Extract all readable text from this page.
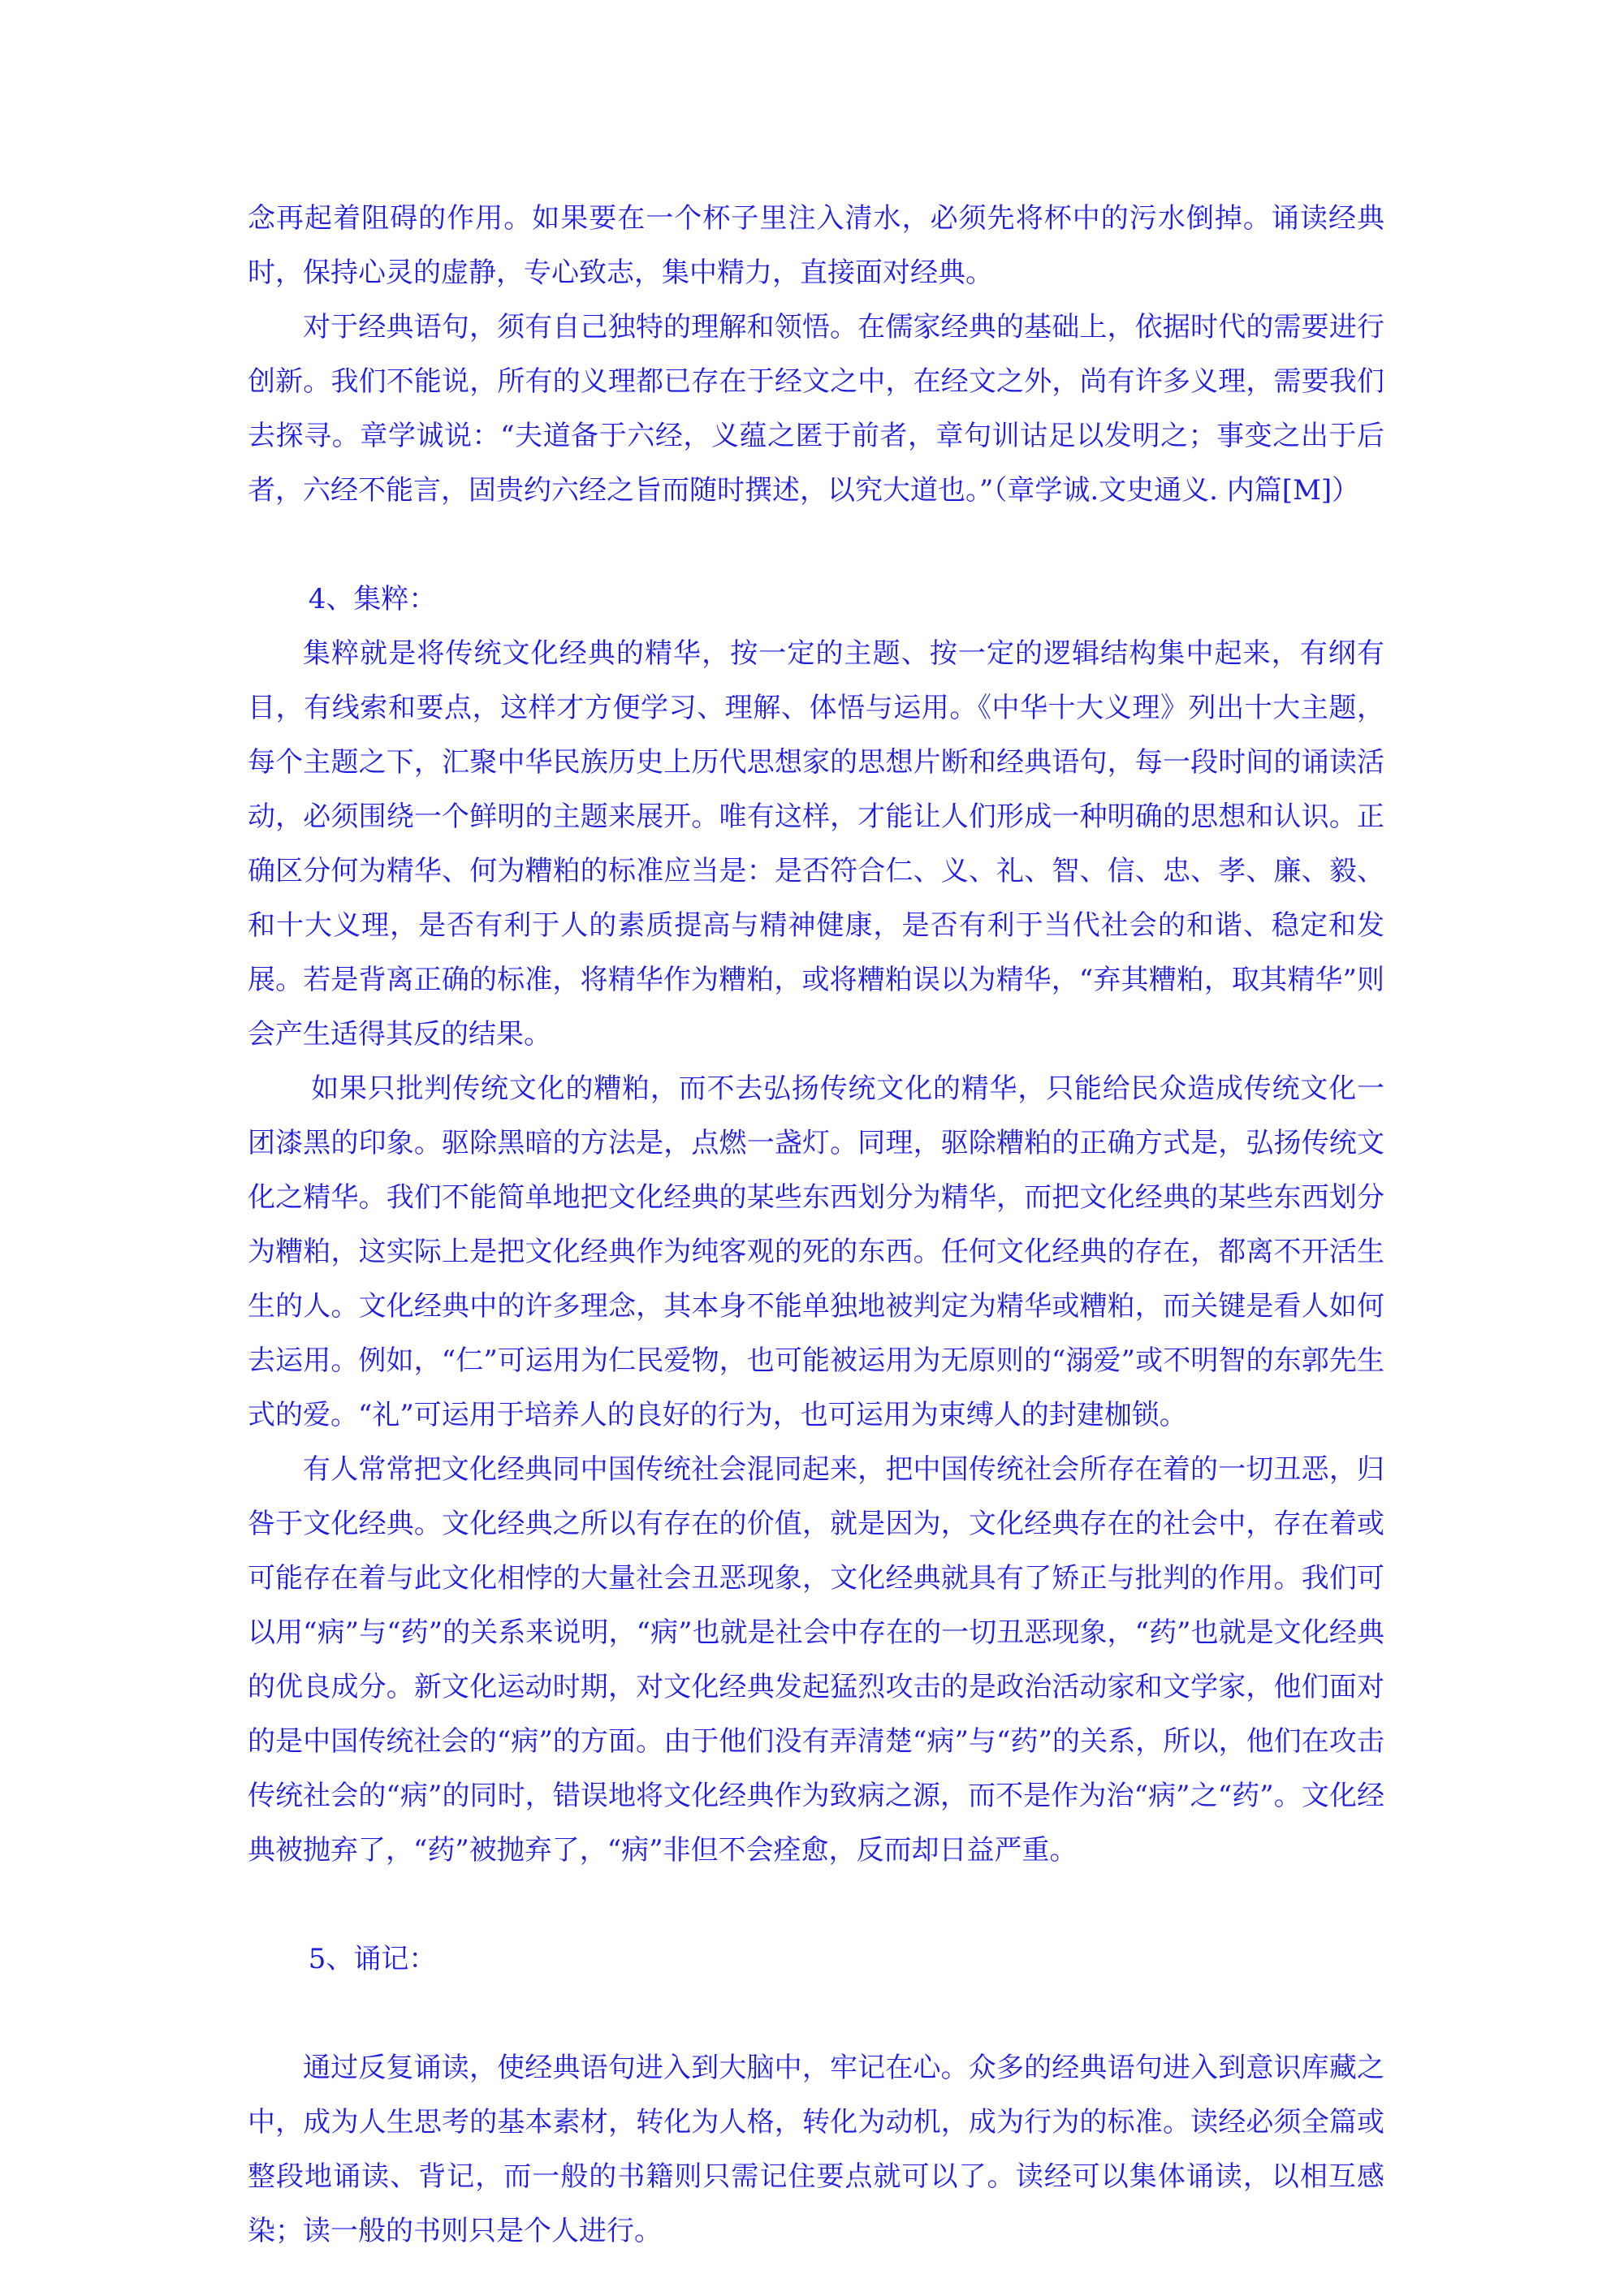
念再起着阻碍的作用。如果要在一个杯子里注入清水，必须先将杯中的污水倒掉。诵读经典时，保持心灵的虚静，专心致志，集中精力，直接面对经典。

对于经典语句，须有自己独特的理解和领悟。在儒家经典的基础上，依据时代的需要进行创新。我们不能说，所有的义理都已存在于经文之中，在经文之外，尚有许多义理，需要我们去探寻。章学诚说：“夫道备于六经，义蕴之匿于前者，章句训诂足以发明之；事变之出于后者，六经不能言，固贵约六经之旨而随时撰述，以究大道也。”（章学诚.文史通义. 内篇[M]）

4、集粹：

集粹就是将传统文化经典的精华，按一定的主题、按一定的逻辑结构集中起来，有纲有目，有线索和要点，这样才方便学习、理解、体悟与运用。《中华十大义理》列出十大主题，每个主题之下，汇聚中华民族历史上历代思想家的思想片断和经典语句，每一段时间的诵读活动，必须围绕一个鲜明的主题来展开。唯有这样，才能让人们形成一种明确的思想和认识。正确区分何为精华、何为糟粕的标准应当是：是否符合仁、义、礼、智、信、忠、孝、廉、毅、和十大义理，是否有利于人的素质提高与精神健康，是否有利于当代社会的和谐、稳定和发展。若是背离正确的标准，将精华作为糟粕，或将糟粕误以为精华，“弃其糟粕，取其精华”则会产生适得其反的结果。

如果只批判传统文化的糟粕，而不去弘扬传统文化的精华，只能给民众造成传统文化一团漆黑的印象。驱除黑暗的方法是，点燃一盏灯。同理，驱除糟粕的正确方式是，弘扬传统文化之精华。我们不能简单地把文化经典的某些东西划分为精华，而把文化经典的某些东西划分为糟粕，这实际上是把文化经典作为纯客观的死的东西。任何文化经典的存在，都离不开活生生的人。文化经典中的许多理念，其本身不能单独地被判定为精华或糟粕，而关键是看人如何去运用。例如，“仁”可运用为仁民爱物，也可能被运用为无原则的“溺爱”或不明智的东郭先生式的爱。“礼”可运用于培养人的良好的行为，也可运用为束缚人的封建枷锁。

有人常常把文化经典同中国传统社会混同起来，把中国传统社会所存在着的一切丑恶，归咎于文化经典。文化经典之所以有存在的价值，就是因为，文化经典存在的社会中，存在着或可能存在着与此文化相悖的大量社会丑恶现象，文化经典就具有了矫正与批判的作用。我们可以用“病”与“药”的关系来说明，“病”也就是社会中存在的一切丑恶现象，“药”也就是文化经典的优良成分。新文化运动时期，对文化经典发起猛烈攻击的是政治活动家和文学家，他们面对的是中国传统社会的“病”的方面。由于他们没有弄清楚“病”与“药”的关系，所以，他们在攻击传统社会的“病”的同时，错误地将文化经典作为致病之源，而不是作为治“病”之“药”。文化经典被抛弃了，“药”被抛弃了，“病”非但不会痊愈，反而却日益严重。

5、诵记：

通过反复诵读，使经典语句进入到大脑中，牢记在心。众多的经典语句进入到意识库藏之中，成为人生思考的基本素材，转化为人格，转化为动机，成为行为的标准。读经必须全篇或整段地诵读、背记，而一般的书籍则只需记住要点就可以了。读经可以集体诵读，以相互感染；读一般的书则只是个人进行。
